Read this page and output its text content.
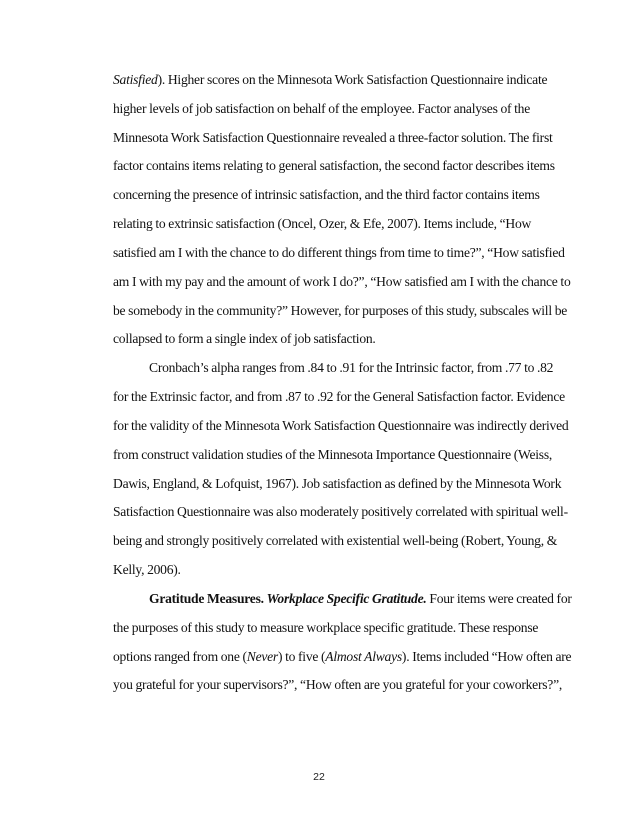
Satisfied). Higher scores on the Minnesota Work Satisfaction Questionnaire indicate
higher levels of job satisfaction on behalf of the employee. Factor analyses of the
Minnesota Work Satisfaction Questionnaire revealed a three-factor solution. The first
factor contains items relating to general satisfaction, the second factor describes items
concerning the presence of intrinsic satisfaction, and the third factor contains items
relating to extrinsic satisfaction (Oncel, Ozer, & Efe, 2007). Items include, “How
satisfied am I with the chance to do different things from time to time?”, “How satisfied
am I with my pay and the amount of work I do?”, “How satisfied am I with the chance to
be somebody in the community?” However, for purposes of this study, subscales will be
collapsed to form a single index of job satisfaction.
Cronbach’s alpha ranges from .84 to .91 for the Intrinsic factor, from .77 to .82
for the Extrinsic factor, and from .87 to .92 for the General Satisfaction factor. Evidence
for the validity of the Minnesota Work Satisfaction Questionnaire was indirectly derived
from construct validation studies of the Minnesota Importance Questionnaire (Weiss,
Dawis, England, & Lofquist, 1967). Job satisfaction as defined by the Minnesota Work
Satisfaction Questionnaire was also moderately positively correlated with spiritual well-
being and strongly positively correlated with existential well-being (Robert, Young, &
Kelly, 2006).
Gratitude Measures. Workplace Specific Gratitude. Four items were created for
the purposes of this study to measure workplace specific gratitude. These response
options ranged from one (Never) to five (Almost Always). Items included “How often are
you grateful for your supervisors?”, “How often are you grateful for your coworkers?”,
22
